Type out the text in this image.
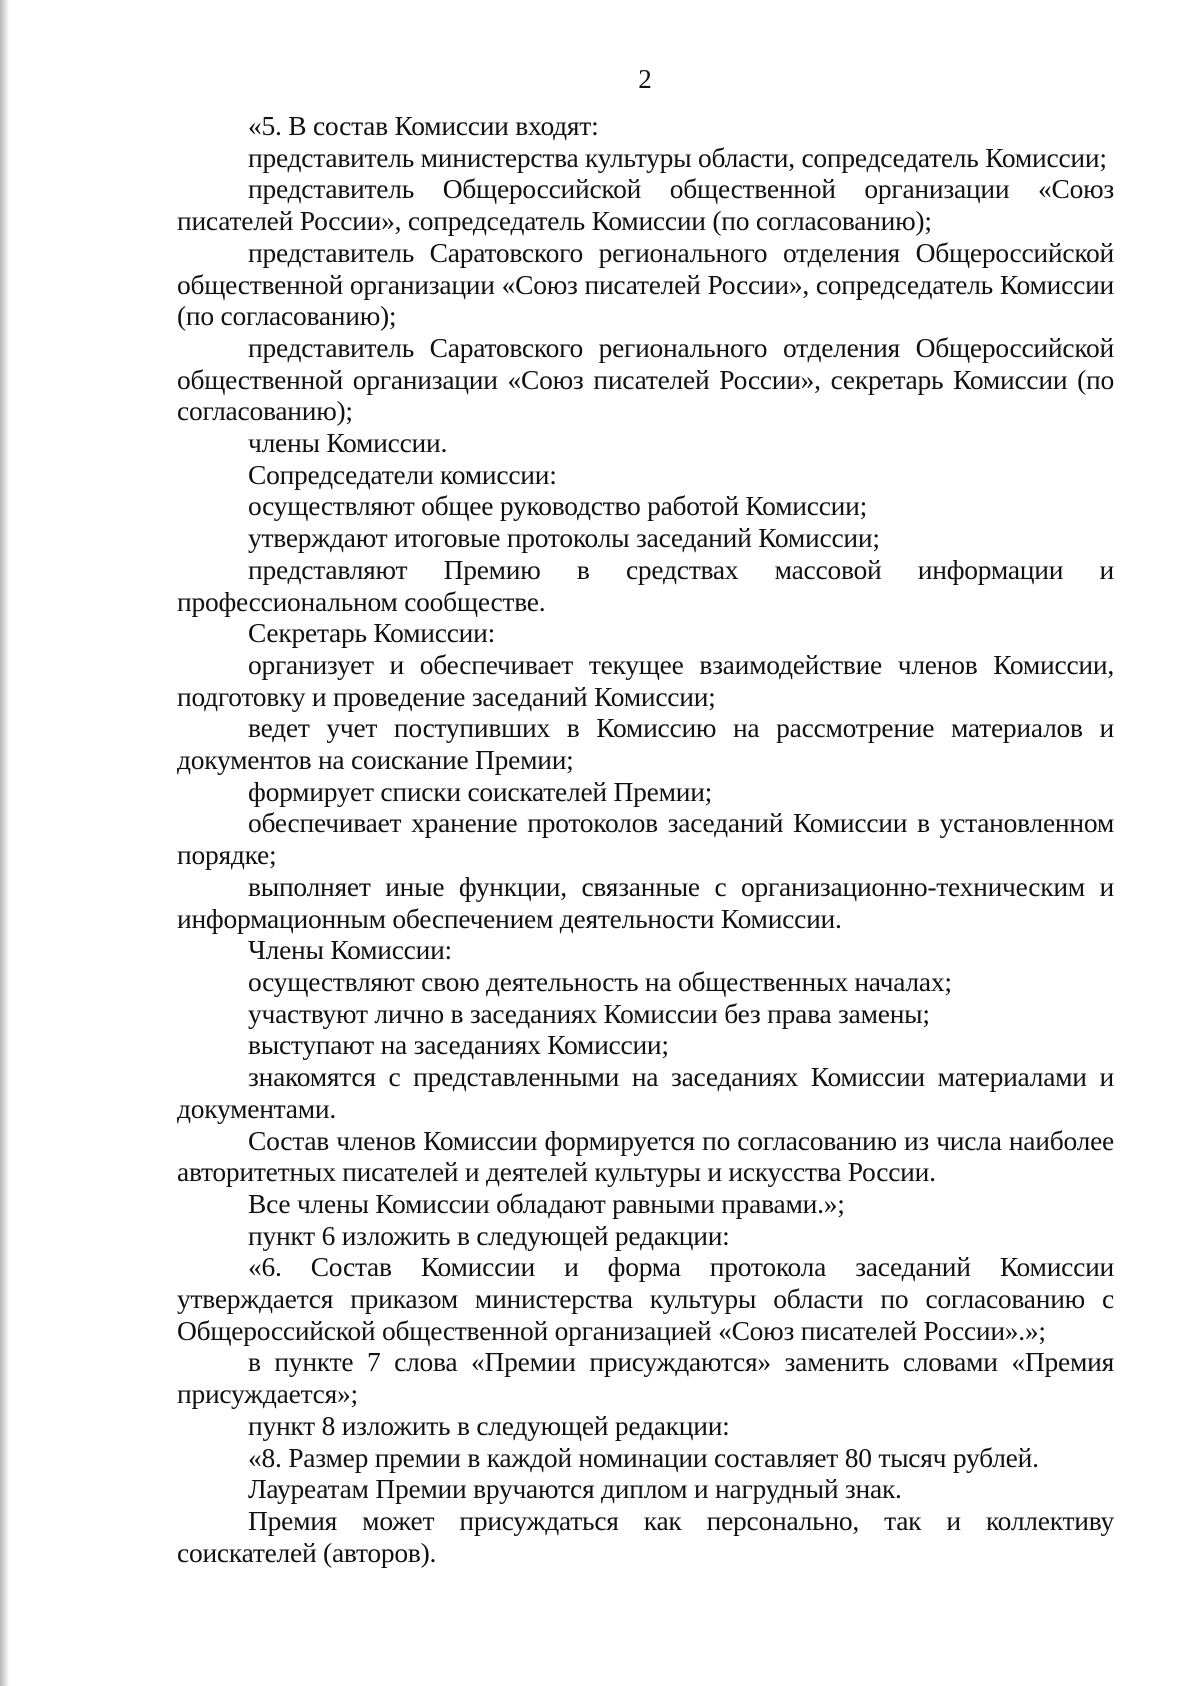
2

«5. В состав Комиссии входят:

представитель министерства культуры области, сопредседатель Комиссии;

представитель Общероссийской общественной организации «Союз писателей России», сопредседатель Комиссии (по согласованию);

представитель Саратовского регионального отделения Общероссийской общественной организации «Союз писателей России», сопредседатель Комиссии (по согласованию);

представитель Саратовского регионального отделения Общероссийской общественной организации «Союз писателей России», секретарь Комиссии (по согласованию);

члены Комиссии.

Сопредседатели комиссии:

осуществляют общее руководство работой Комиссии;

утверждают итоговые протоколы заседаний Комиссии;

представляют Премию в средствах массовой информации и профессиональном сообществе.

Секретарь Комиссии:

организует и обеспечивает текущее взаимодействие членов Комиссии, подготовку и проведение заседаний Комиссии;

ведет учет поступивших в Комиссию на рассмотрение материалов и документов на соискание Премии;

формирует списки соискателей Премии;

обеспечивает хранение протоколов заседаний Комиссии в установленном порядке;

выполняет иные функции, связанные с организационно-техническим и информационным обеспечением деятельности Комиссии.

Члены Комиссии:

осуществляют свою деятельность на общественных началах;

участвуют лично в заседаниях Комиссии без права замены;

выступают на заседаниях Комиссии;

знакомятся с представленными на заседаниях Комиссии материалами и документами.

Состав членов Комиссии формируется по согласованию из числа наиболее авторитетных писателей и деятелей культуры и искусства России.

Все члены Комиссии обладают равными правами.»;

пункт 6 изложить в следующей редакции:

«6. Состав Комиссии и форма протокола заседаний Комиссии утверждается приказом министерства культуры области по согласованию с Общероссийской общественной организацией «Союз писателей России».»;

в пункте 7 слова «Премии присуждаются» заменить словами «Премия присуждается»;

пункт 8 изложить в следующей редакции:

«8. Размер премии в каждой номинации составляет 80 тысяч рублей.

Лауреатам Премии вручаются диплом и нагрудный знак.

Премия может присуждаться как персонально, так и коллективу соискателей (авторов).
